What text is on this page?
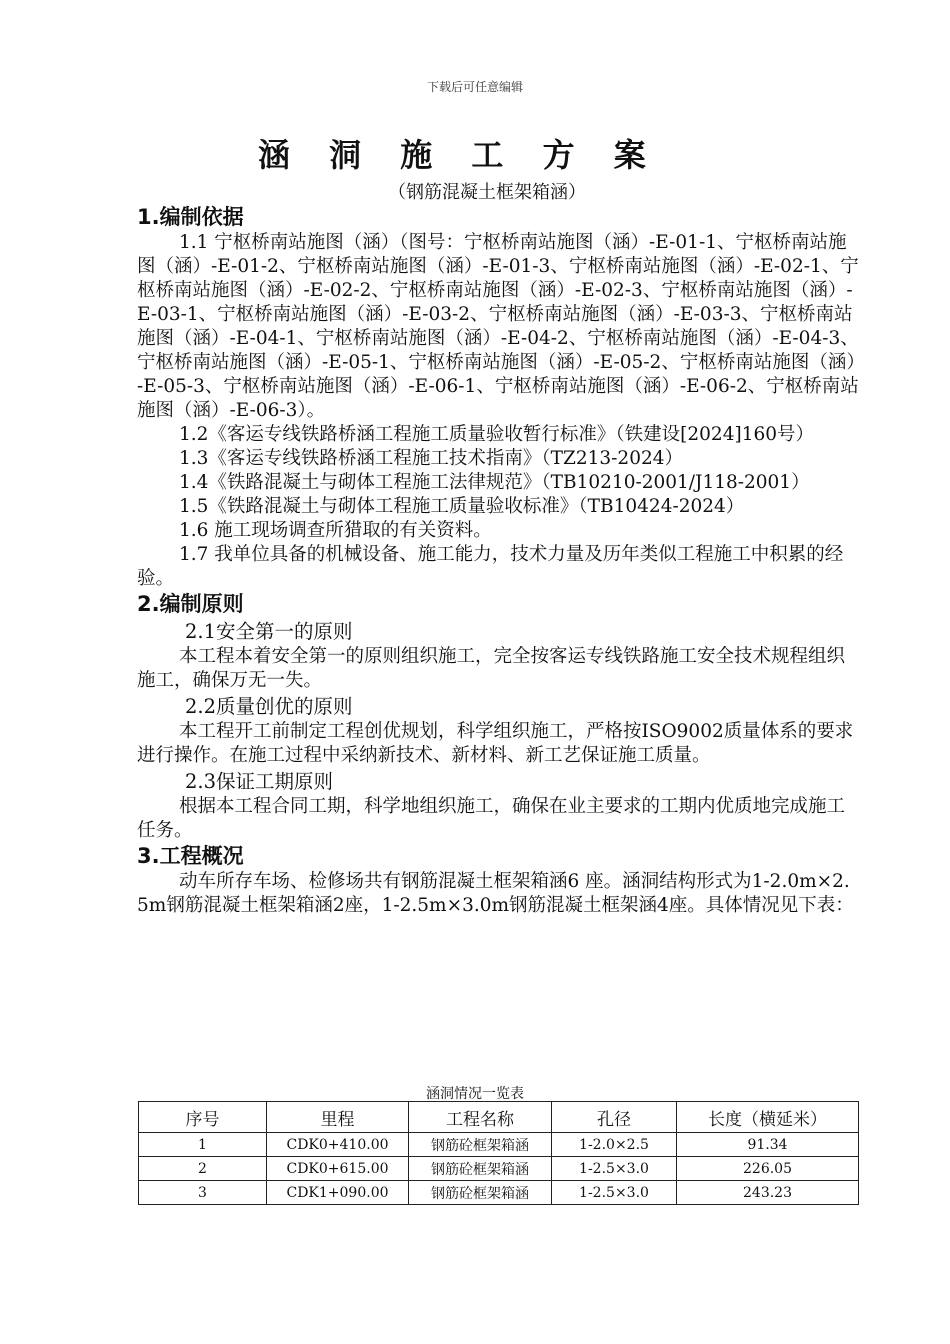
下载后可任意编辑
涵 洞 施 工 方 案
（钢筋混凝土框架箱涵）
1.编制依据

1.1 宁枢桥南站施图（涵）（图号：宁枢桥南站施图（涵）-E-01-1、宁枢桥南站施图（涵）-E-01-2、宁枢桥南站施图（涵）-E-01-3、宁枢桥南站施图（涵）-E-02-1、宁枢桥南站施图（涵）-E-02-2、宁枢桥南站施图（涵）-E-02-3、宁枢桥南站施图（涵）-E-03-1、宁枢桥南站施图（涵）-E-03-2、宁枢桥南站施图（涵）-E-03-3、宁枢桥南站施图（涵）-E-04-1、宁枢桥南站施图（涵）-E-04-2、宁枢桥南站施图（涵）-E-04-3、宁枢桥南站施图（涵）-E-05-1、宁枢桥南站施图（涵）-E-05-2、宁枢桥南站施图（涵）-E-05-3、宁枢桥南站施图（涵）-E-06-1、宁枢桥南站施图（涵）-E-06-2、宁枢桥南站施图（涵）-E-06-3）。

1.2《客运专线铁路桥涵工程施工质量验收暂行标准》（铁建设[2024]160号）

1.3《客运专线铁路桥涵工程施工技术指南》（TZ213-2024）

1.4《铁路混凝土与砌体工程施工法律规范》（TB10210-2001/J118-2001）

1.5《铁路混凝土与砌体工程施工质量验收标准》（TB10424-2024）

1.6 施工现场调查所猎取的有关资料。

1.7 我单位具备的机械设备、施工能力，技术力量及历年类似工程施工中积累的经验。

2.编制原则
2.1安全第一的原则

本工程本着安全第一的原则组织施工，完全按客运专线铁路施工安全技术规程组织施工，确保万无一失。

2.2质量创优的原则

本工程开工前制定工程创优规划，科学组织施工，严格按ISO9002质量体系的要求进行操作。在施工过程中采纳新技术、新材料、新工艺保证施工质量。

2.3保证工期原则

根据本工程合同工期，科学地组织施工，确保在业主要求的工期内优质地完成施工任务。

3.工程概况

动车所存车场、检修场共有钢筋混凝土框架箱涵6 座。涵洞结构形式为1-2.0m×2.5m钢筋混凝土框架箱涵2座，1-2.5m×3.0m钢筋混凝土框架涵4座。具体情况见下表：

涵洞情况一览表
序号	里程	工程名称	孔径	长度（横延米）
1	CDK0+410.00	钢筋砼框架箱涵	1-2.0×2.5	91.34
2	CDK0+615.00	钢筋砼框架箱涵	1-2.5×3.0	226.05
3	CDK1+090.00	钢筋砼框架箱涵	1-2.5×3.0	243.23
